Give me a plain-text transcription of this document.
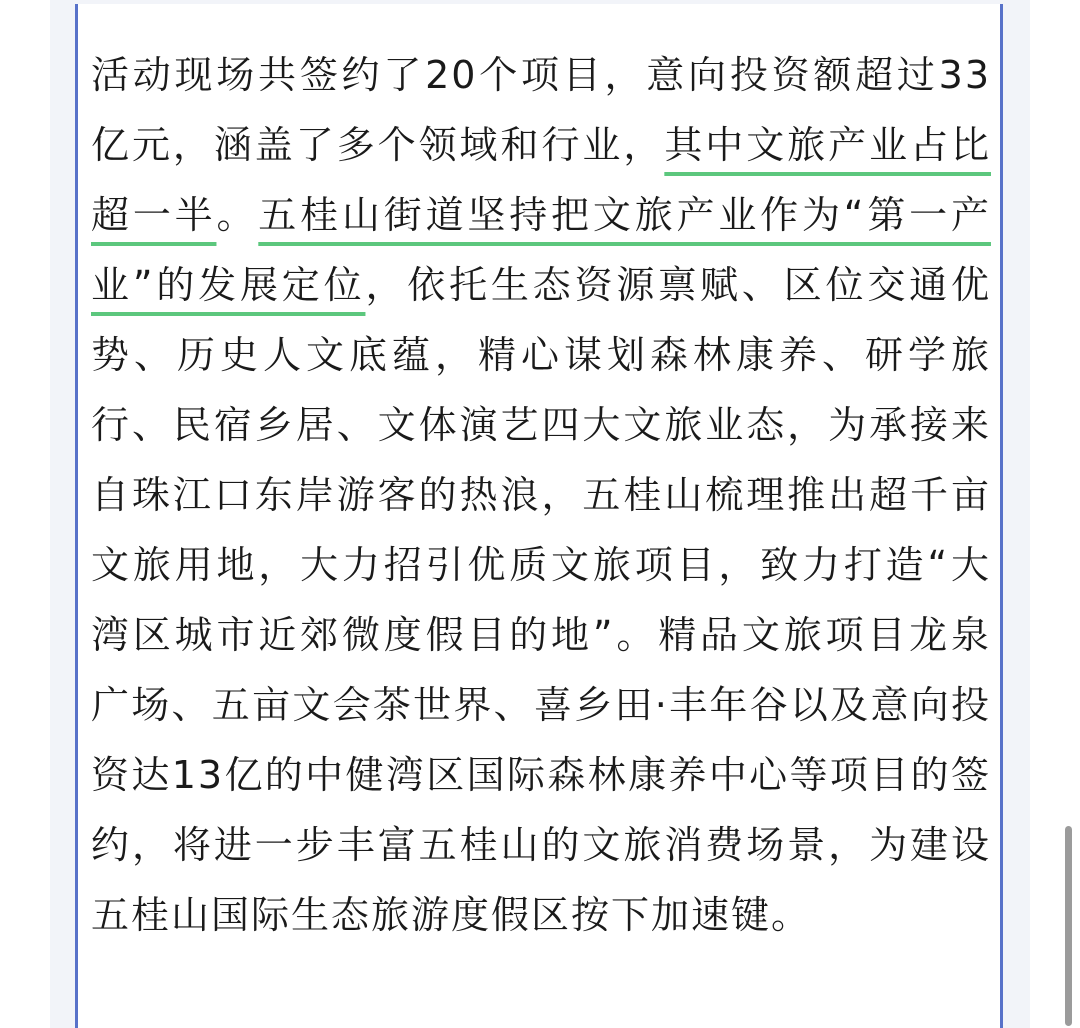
活动现场共签约了20个项目，意向投资额超过33亿元，涵盖了多个领域和行业，其中文旅产业占比超一半。五桂山街道坚持把文旅产业作为“第一产业”的发展定位，依托生态资源禀赋、区位交通优势、历史人文底蕴，精心谋划森林康养、研学旅行、民宿乡居、文体演艺四大文旅业态，为承接来自珠江口东岸游客的热浪，五桂山梳理推出超千亩文旅用地，大力招引优质文旅项目，致力打造“大湾区城市近郊微度假目的地”。精品文旅项目龙泉广场、五亩文会茶世界、喜乡田·丰年谷以及意向投资达13亿的中健湾区国际森林康养中心等项目的签约，将进一步丰富五桂山的文旅消费场景，为建设五桂山国际生态旅游度假区按下加速键。
